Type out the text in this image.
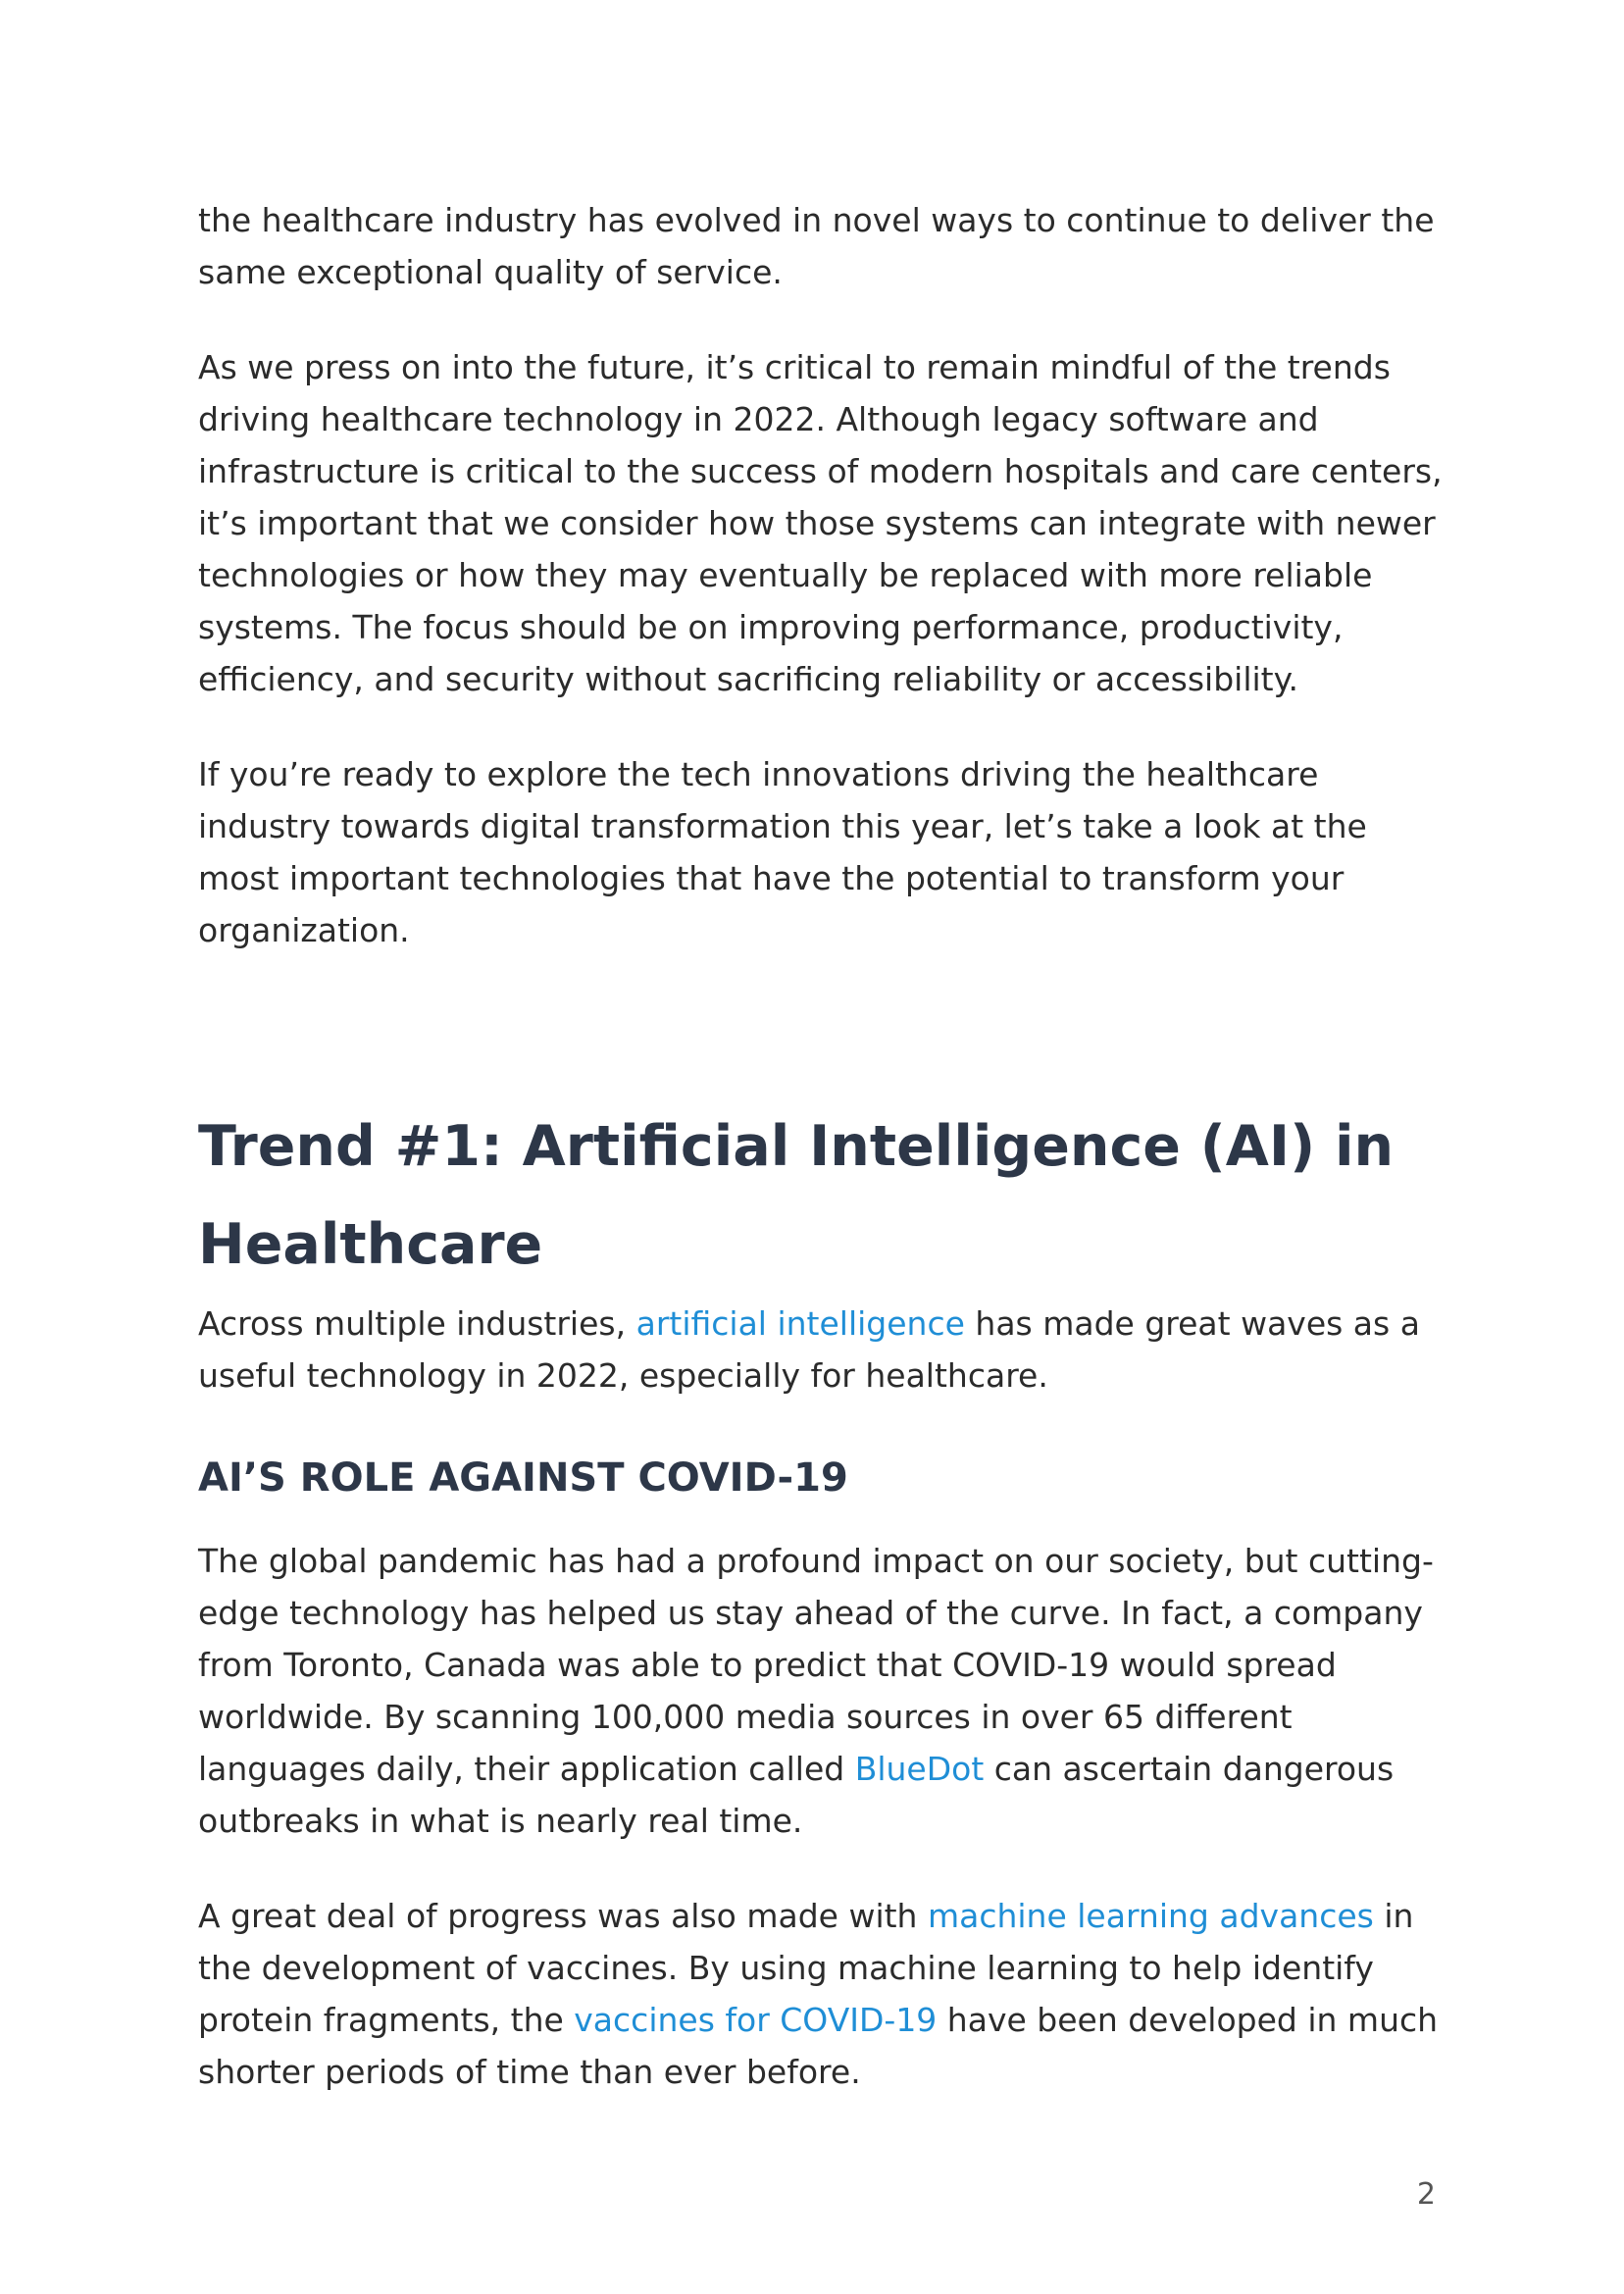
the healthcare industry has evolved in novel ways to continue to deliver the same exceptional quality of service.

As we press on into the future, it’s critical to remain mindful of the trends driving healthcare technology in 2022. Although legacy software and infrastructure is critical to the success of modern hospitals and care centers, it’s important that we consider how those systems can integrate with newer technologies or how they may eventually be replaced with more reliable systems. The focus should be on improving performance, productivity, efficiency, and security without sacrificing reliability or accessibility.

If you’re ready to explore the tech innovations driving the healthcare industry towards digital transformation this year, let’s take a look at the most important technologies that have the potential to transform your organization.

Trend #1: Artificial Intelligence (AI) in Healthcare

Across multiple industries, artificial intelligence has made great waves as a useful technology in 2022, especially for healthcare.

AI’S ROLE AGAINST COVID-19

The global pandemic has had a profound impact on our society, but cutting-edge technology has helped us stay ahead of the curve. In fact, a company from Toronto, Canada was able to predict that COVID-19 would spread worldwide. By scanning 100,000 media sources in over 65 different languages daily, their application called BlueDot can ascertain dangerous outbreaks in what is nearly real time.

A great deal of progress was also made with machine learning advances in the development of vaccines. By using machine learning to help identify protein fragments, the vaccines for COVID-19 have been developed in much shorter periods of time than ever before.

2
